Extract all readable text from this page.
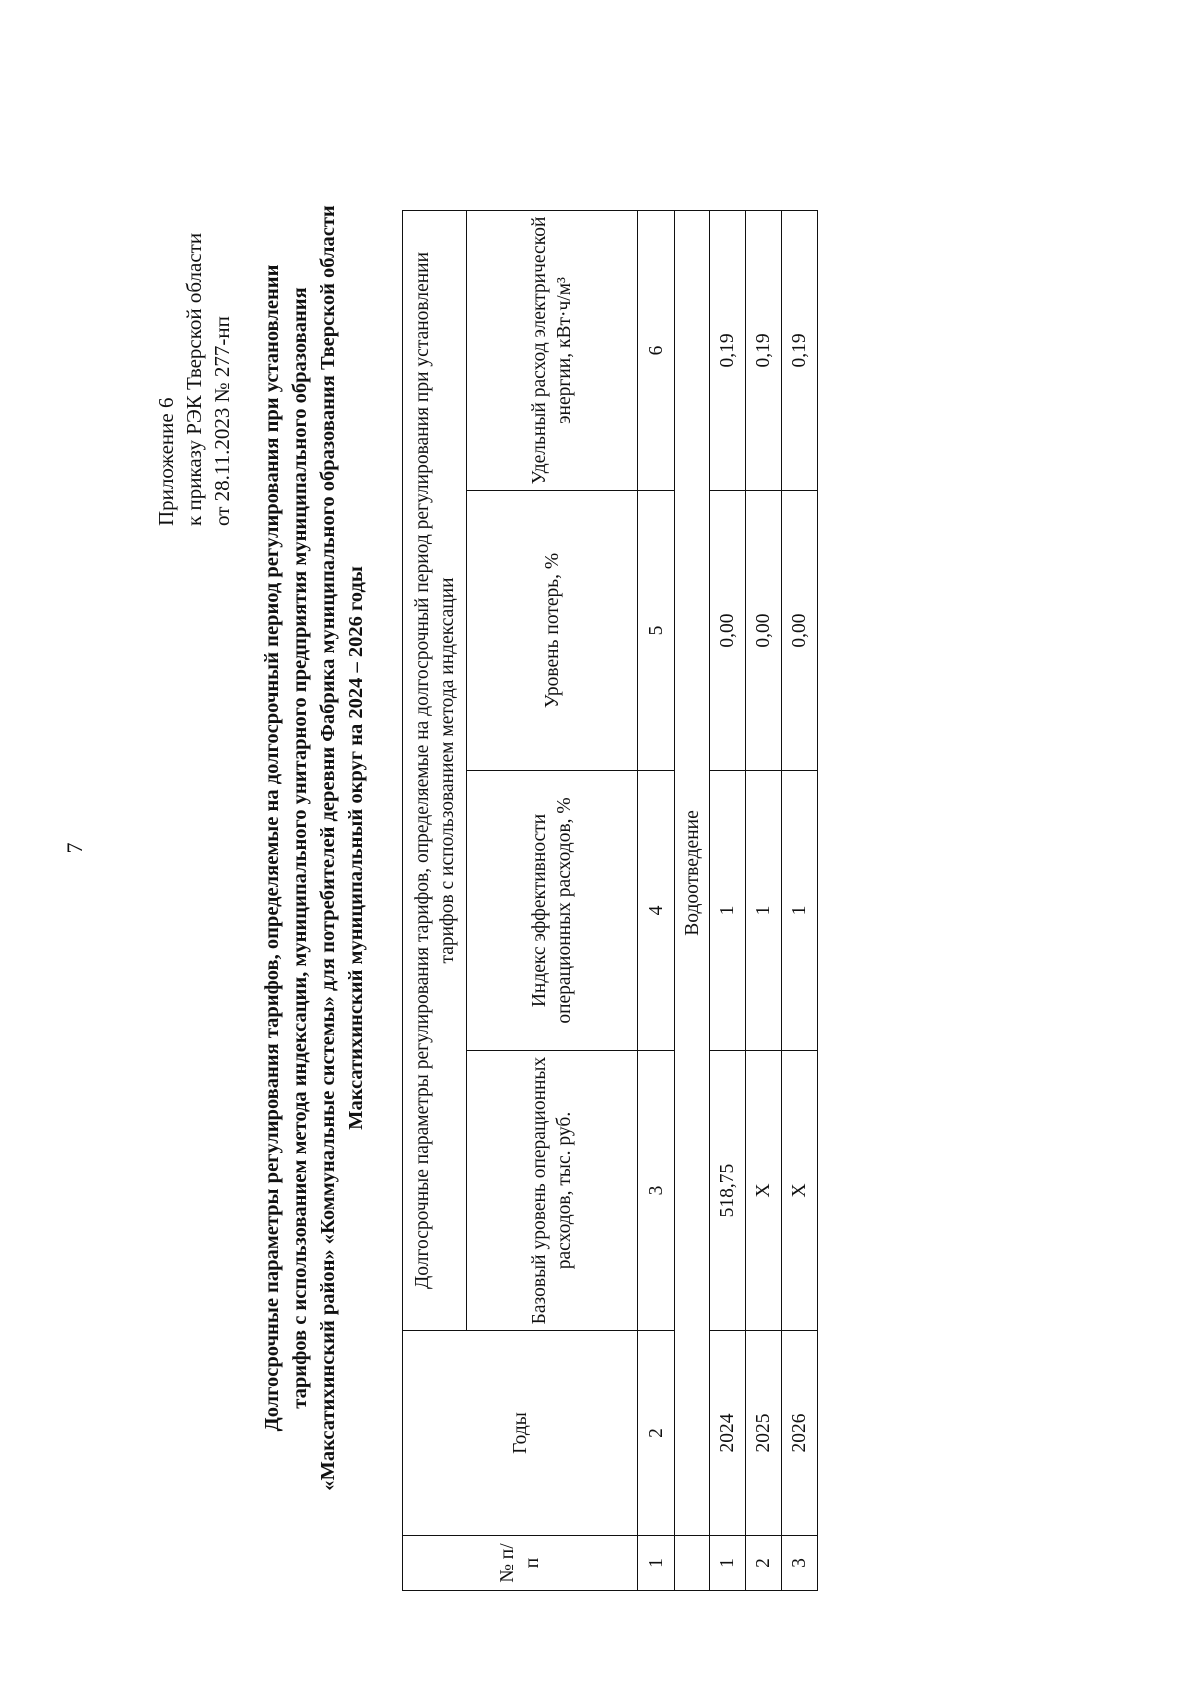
7
Приложение 6 к приказу РЭК Тверской области от 28.11.2023 № 277-нп Долгосрочные параметры регулирования тарифов, определяемые на долгосрочный период регулирования при установлении тарифов с использованием метода индексации, муниципального унитарного предприятия муниципального образования «Максатихинский район» «Коммунальные системы» для потребителей деревни Фабрика муниципального образования Тверской области Максатихинский муниципальный округ на 2024 – 2026 годы
№ п/п	Годы	Долгосрочные параметры регулирования тарифов, определяемые на долгосрочный период регулирования при установлении тарифов с использованием метода индексации			
		Базовый уровень операционных расходов, тыс. руб.	Индекс эффективности операционных расходов, %	Уровень потерь, %	Удельный расход электрической энергии, кВт·ч/м³
1	2	3	4	5	6
	Водоотведение				
1	2024	518,75	1	0,00	0,19
2	2025	Х	1	0,00	0,19
3	2026	Х	1	0,00	0,19
